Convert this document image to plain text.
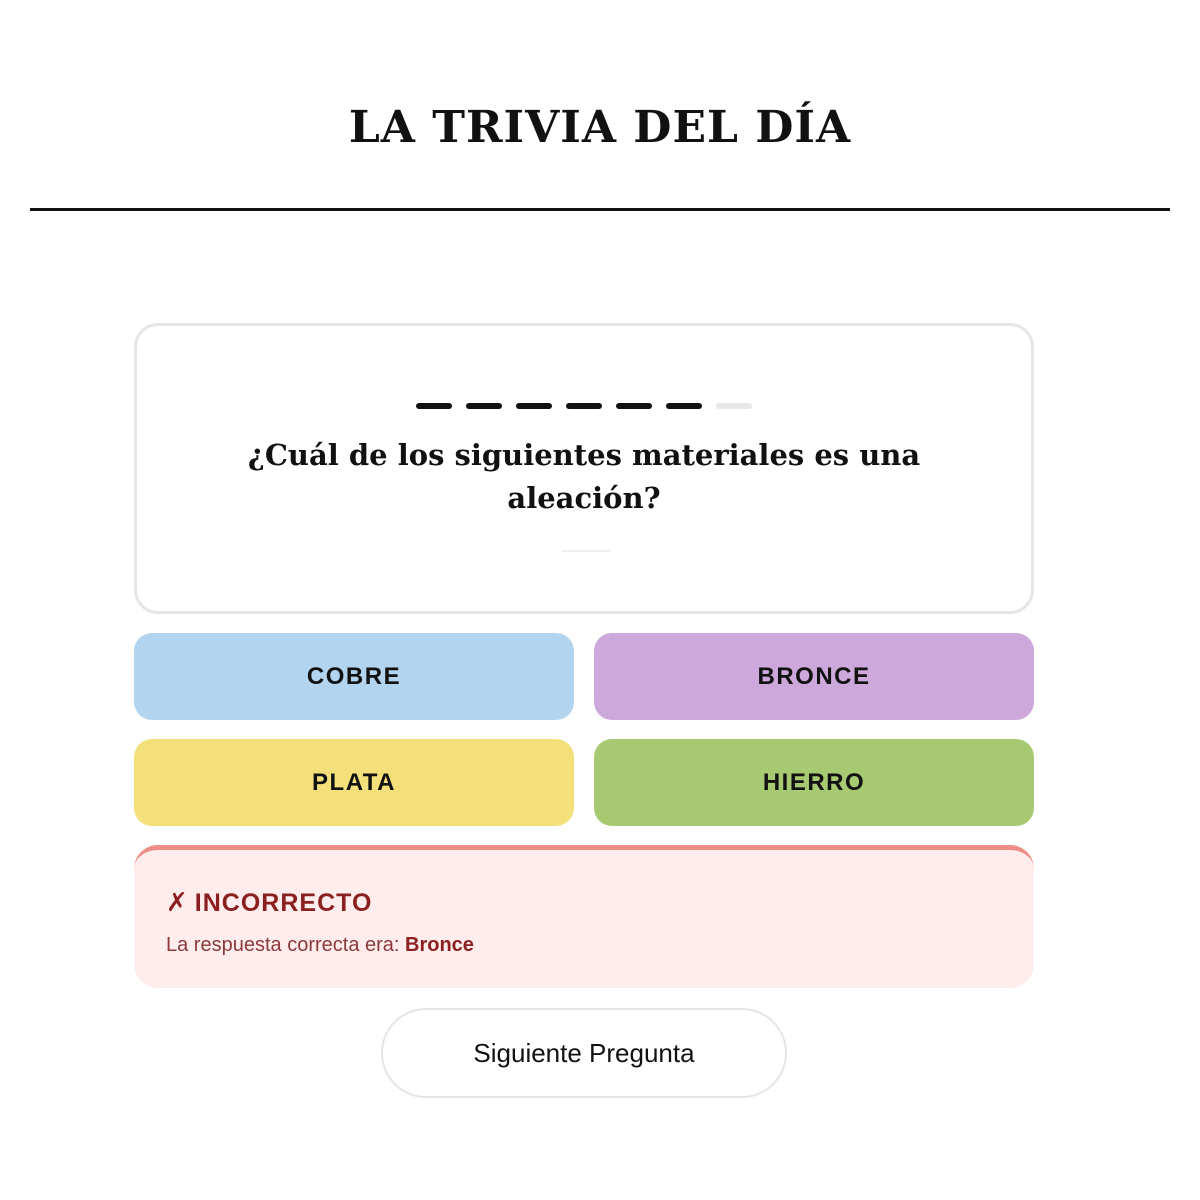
LA TRIVIA DEL DÍA

¿Cuál de los siguientes materiales es una aleación?

COBRE	BRONCE
PLATA	HIERRO
✗ INCORRECTO
La respuesta correcta era: Bronce
Siguiente Pregunta
